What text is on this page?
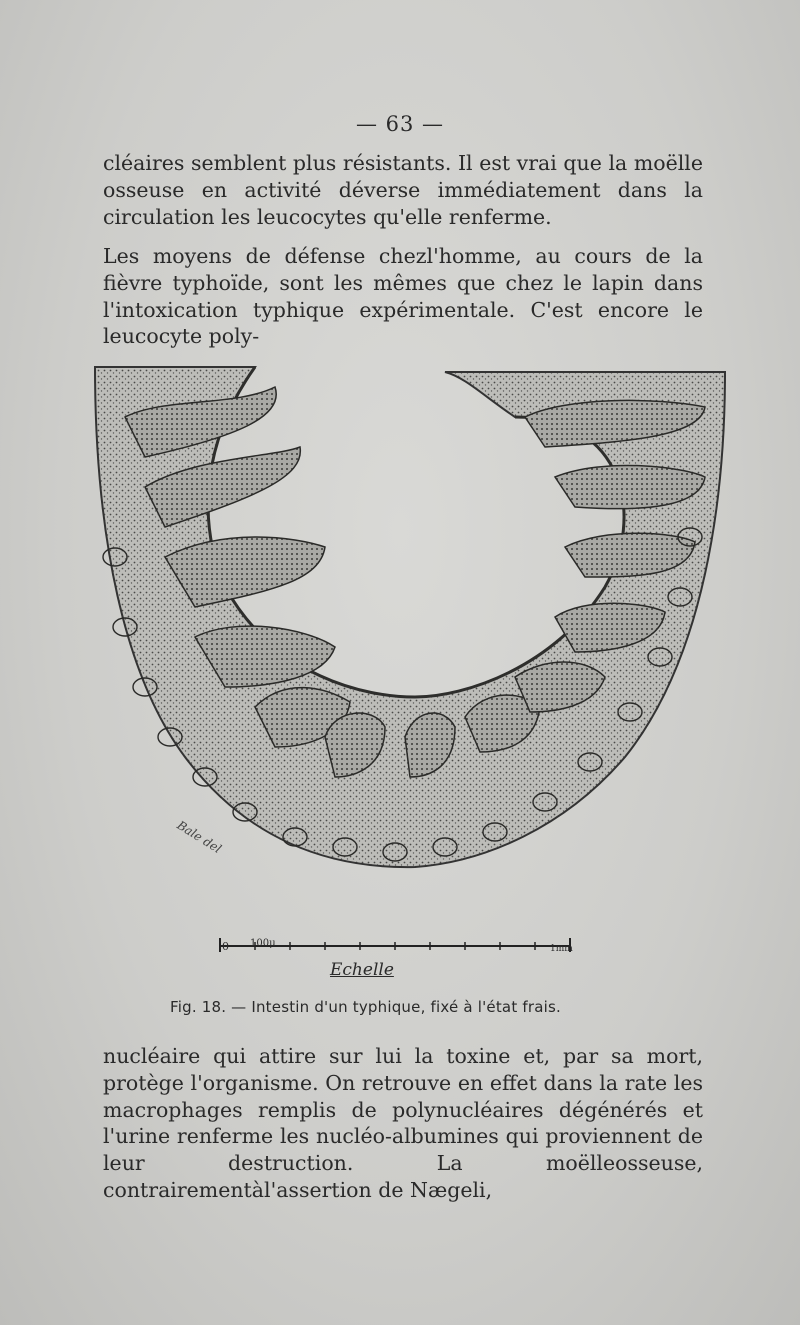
— 63 —

cléaires semblent plus résistants. Il est vrai que la moëlle osseuse en activité déverse immédiatement dans la circulation les leucocytes qu'elle renferme.

Les moyens de défense chezl'homme, au cours de la fièvre typhoïde, sont les mêmes que chez le lapin dans l'intoxication typhique expérimentale. C'est encore le leucocyte poly-

Bale del
0 100μ	1mm
Echelle
Fig. 18. — Intestin d'un typhique, fixé à l'état frais.

nucléaire qui attire sur lui la toxine et, par sa mort, protège l'organisme. On retrouve en effet dans la rate les macrophages remplis de polynucléaires dégénérés et l'urine renferme les nucléo-albumines qui proviennent de leur destruction. La moëlleosseuse, contrairementàl'assertion de Nægeli,
